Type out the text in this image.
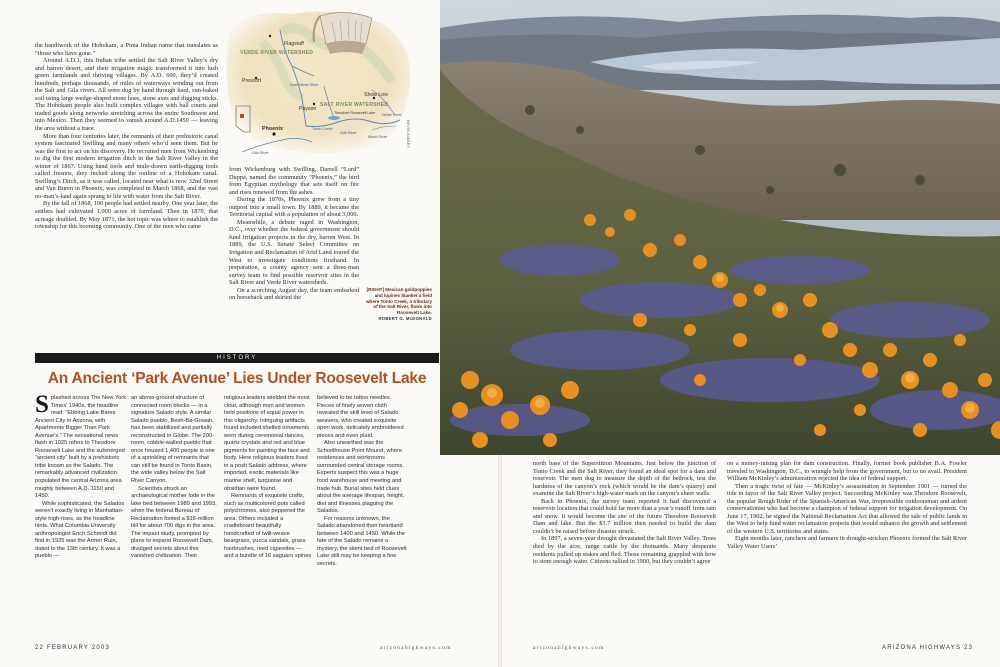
the handiwork of the Hohokam, a Pima Indian name that translates as “those who have gone.”

Around A.D.1, this Indian tribe settled the Salt River Valley’s dry and barren desert, and their irrigation magic transformed it into lush green farmlands and thriving villages. By A.D. 600, they’d created hundreds, perhaps thousands, of miles of waterways winding out from the Salt and Gila rivers. All were dug by hand through hard, sun-baked soil using large wedge-shaped stone hoes, stone axes and digging sticks. The Hohokam people also built complex villages with ball courts and traded goods along networks stretching across the entire Southwest and into Mexico. Then they seemed to vanish around A.D.1450 — leaving the area without a trace.

More than four centuries later, the remnants of their prehistoric canal system fascinated Swilling and many others who’d seen them. But he was the first to act on his discovery. He recruited men from Wickenburg to dig the first modern irrigation ditch in the Salt River Valley in the winter of 1867. Using band tools and mule-drawn earth-digging tools called fresnos, they inched along the outline of a Hohokam canal. Swilling’s Ditch, as it was called, located near what is now 32nd Street and Van Buren in Phoenix, was completed in March 1868, and the vast no-man’s-land again sprang to life with water from the Salt River.

By the fall of 1868, 100 people had settled nearby. One year later, the settlers had cultivated 1,000 acres of farmland. Then in 1870, that acreage doubled. By May 1871, the hot topic was where to establish the township for this booming community. One of the men who came

from Wickenburg with Swilling, Darrell “Lord” Duppa, named the community “Phoenix,” the bird from Egyptian mythology that sets itself on fire and rises renewed from the ashes.

During the 1870s, Phoenix grew from a tiny outpost into a small town. By 1889, it became the Territorial capital with a population of about 3,000.

Meanwhile, a debate raged in Washington, D.C., over whether the federal government should fund irrigation projects in the dry, barren West. In 1889, the U.S. Senate Select Committee on Irrigation and Reclamation of Arid Land toured the West to investigate conditions firsthand. In preparation, a county agency sent a three-man survey team to find possible reservoir sites in the Salt River and Verde River watersheds.

On a scorching August day, the team embarked on horseback and skirted the

Flagstaff
VERDE RIVER WATERSHED
Prescott
East Verde River
Payson
SALT RIVER WATERSHED
Show Low
Tonto Creek
Theodore Roosevelt Lake White River
Black River
Salt River
Phoenix
Gila River
KEVIN KIBSEY
[RIGHT] Mexican goldpoppies and lupines blanket a field where Tonto Creek, a tributary of the Salt River, flows into Roosevelt Lake.
ROBERT G. McDONALD
HISTORY
An Ancient ‘Park Avenue’ Lies Under Roosevelt Lake

Splashed across The New York Times’ 1940s, the headline read: “Ebbing Lake Bares Ancient City in Arizona, with Apartments Bigger Than Park Avenue’s.” The sensational news flash in 1925 refers to Theodore Roosevelt Lake and the submerged “ancient city” built by a prehistoric tribe known as the Salado. The remarkably advanced civilization populated the central Arizona area roughly between A.D. 1150 and 1450.

While sophisticated, the Salados weren’t exactly living in Manhattan-style high-rises, as the headline hints. What Columbia University anthropologist Erich Schmidt did find in 1925 was the Armer Ruin, dated to the 13th century. It was a pueblo —

an above-ground structure of connected room blocks — in a signature Salado style. A similar Salado pueblo, Besh-Ba-Gowah, has been stabilized and partially reconstructed in Globe. The 200-room, cobble-walled pueblo that once housed 1,400 people is one of a sprinkling of remnants that can still be found in Tonto Basin, the wide valley below the Salt River Canyon.

Scientists struck an archaeological mother lode in the lake bed between 1989 and 1993, when the federal Bureau of Reclamation footed a $16-million bill for about 700 digs in the area. The impact study, prompted by plans to expand Roosevelt Dam, divulged secrets about this vanished civilization. Their

religious leaders wielded the most clout, although men and women held positions of equal power in this oligarchy. Intriguing artifacts found included shelled ornaments worn during ceremonial dances, quartz crystals and red and blue pigments for painting the face and body. Here religious leaders lived in a posh Salado address, where imported, exotic materials like marine shell, turquoise and obsidian were found.

Remnants of exquisite crafts, such as multicolored pots called polychromes, also peppered the area. Others included a cradleboard beautifully handcrafted of twill-weave beargrass, yucca sandals, grass hairbrushes, reed cigarettes — and a bundle of 16 saguaro spines

believed to be tattoo needles. Pieces of finely woven cloth revealed the skill level of Salado weavers, who created exquisite open work, delicately embroidered pieces and even plaid.

Also unearthed was the Schoolhouse Point Mound, where residences and workrooms surrounded central storage rooms. Experts suspect this was a huge food warehouse and meeting and trade hub. Burial sites held clues about the average lifespan, height, diet and illnesses plaguing the Salados.

For reasons unknown, the Salado abandoned their heartland between 1400 and 1450. While the fate of the Salado remains a mystery, the silent bed of Roosevelt Lake still may be keeping a few secrets.

22 FEBRUARY 2003	arizonahighways.com

north base of the Superstition Mountains. Just below the junction of Tonto Creek and the Salt River, they found an ideal spot for a dam and reservoir. The men dug to measure the depth of the bedrock, test the hardness of the canyon’s rock (which would be the dam’s quarry) and examine the Salt River’s high-water mark on the canyon’s sheer walls.

Back in Phoenix, the survey team reported it had discovered a reservoir location that could hold far more than a year’s runoff from rain and snow. It would become the site of the future Theodore Roosevelt Dam and lake. But the $3.7 million then needed to build the dam couldn’t be raised before disaster struck.

In 1897, a seven-year drought devastated the Salt River Valley. Trees died by the acre, range cattle by the thousands. Many desperate residents pulled up stakes and fled. Those remaining grappled with how to store enough water. Citizens rallied in 1900, but they couldn’t agree

on a money-raising plan for dam construction. Finally, former book publisher B.A. Fowler traveled to Washington, D.C., to wrangle help from the government, but to no avail. President William McKinley’s administration rejected the idea of federal support.

Then a tragic twist of fate — McKinley’s assassination in September 1901 — turned the tide in favor of the Salt River Valley project. Succeeding McKinley was Theodore Roosevelt, the popular Rough Rider of the Spanish-American War, irrepressible outdoorsman and ardent conservationist who had become a champion of federal support for irrigation development. On June 17, 1902, he signed the National Reclamation Act that allowed the sale of public lands in the West to help fund water reclamation projects that would enhance the growth and settlement of the western U.S. territories and states.

Eight months later, ranchers and farmers in drought-stricken Phoenix formed the Salt River Valley Water Users’

arizonahighways.com	ARIZONA HIGHWAYS 23
